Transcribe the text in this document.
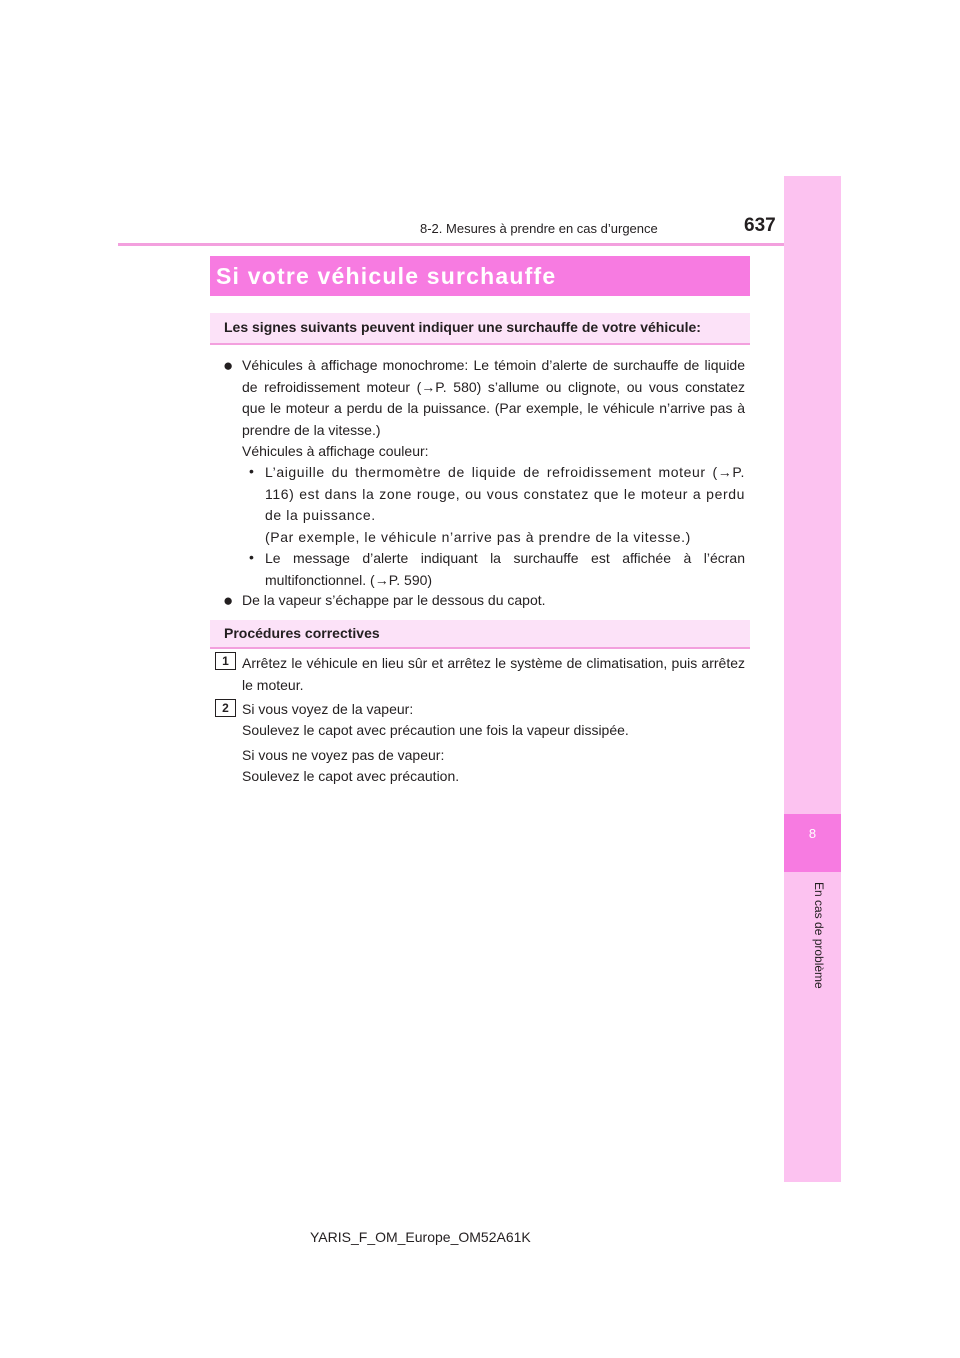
8-2. Mesures à prendre en cas d’urgence	637
8
En cas de problème
Si votre véhicule surchauffe
Les signes suivants peuvent indiquer une surchauffe de votre véhicule:
● Véhicules à affichage monochrome: Le témoin d’alerte de surchauffe de liquide de refroidissement moteur (→P. 580) s’allume ou clignote, ou vous constatez que le moteur a perdu de la puissance. (Par exemple, le véhicule n’arrive pas à prendre de la vitesse.)
Véhicules à affichage couleur:
• L’aiguille du thermomètre de liquide de refroidissement moteur (→P. 116) est dans la zone rouge, ou vous constatez que le moteur a perdu de la puissance.
(Par exemple, le véhicule n’arrive pas à prendre de la vitesse.)
• Le message d’alerte indiquant la surchauffe est affichée à l’écran multifonctionnel. (→P. 590)
● De la vapeur s’échappe par le dessous du capot.
Procédures correctives
1 Arrêtez le véhicule en lieu sûr et arrêtez le système de climatisation, puis arrêtez le moteur.
2 Si vous voyez de la vapeur:
Soulevez le capot avec précaution une fois la vapeur dissipée.
Si vous ne voyez pas de vapeur:
Soulevez le capot avec précaution.
YARIS_F_OM_Europe_OM52A61K
